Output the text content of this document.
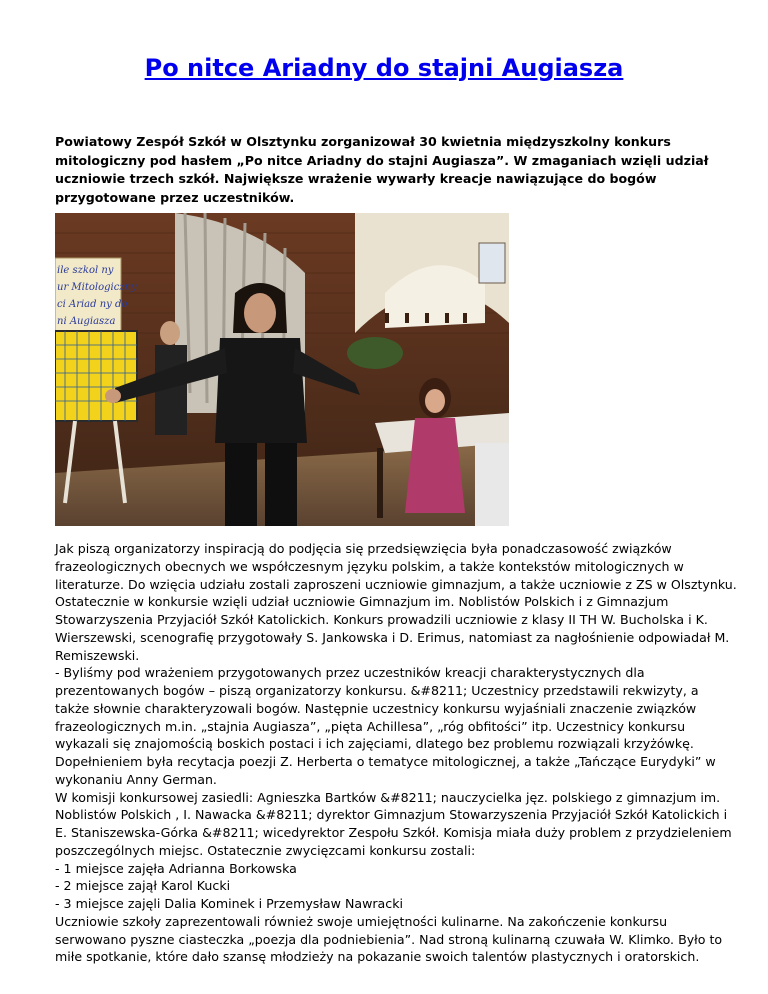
Po nitce Ariadny do stajni Augiasza
Powiatowy Zespół Szkół w Olsztynku zorganizował 30 kwietnia międzyszkolny konkurs
mitologiczny pod hasłem „Po nitce Ariadny do stajni Augiasza”. W zmaganiach wzięli udział
uczniowie trzech szkół. Największe wrażenie wywarły kreacje nawiązujące do bogów
przygotowane przez uczestników.
ile szkol ny
ur Mitologiczny
ci Ariad ny do
ni Augiasza
Jak piszą organizatorzy inspiracją do podjęcia się przedsięwzięcia była ponadczasowość związków
frazeologicznych obecnych we współczesnym języku polskim, a także kontekstów mitologicznych w
literaturze. Do wzięcia udziału zostali zaproszeni uczniowie gimnazjum, a także uczniowie z ZS w Olsztynku.
Ostatecznie w konkursie wzięli udział uczniowie Gimnazjum im. Noblistów Polskich i z Gimnazjum
Stowarzyszenia Przyjaciół Szkół Katolickich. Konkurs prowadzili uczniowie z klasy II TH W. Bucholska i K.
Wierszewski, scenografię przygotowały S. Jankowska i D. Erimus, natomiast za nagłośnienie odpowiadał M.
Remiszewski.
- Byliśmy pod wrażeniem przygotowanych przez uczestników kreacji charakterystycznych dla
prezentowanych bogów – piszą organizatorzy konkursu. &#8211; Uczestnicy przedstawili rekwizyty, a
także słownie charakteryzowali bogów. Następnie uczestnicy konkursu wyjaśniali znaczenie związków
frazeologicznych m.in. „stajnia Augiasza”, „pięta Achillesa”, „róg obfitości” itp. Uczestnicy konkursu
wykazali się znajomością boskich postaci i ich zajęciami, dlatego bez problemu rozwiązali krzyżówkę.
Dopełnieniem była recytacja poezji Z. Herberta o tematyce mitologicznej, a także „Tańczące Eurydyki” w
wykonaniu Anny German.
W komisji konkursowej zasiedli: Agnieszka Bartków &#8211; nauczycielka jęz. polskiego z gimnazjum im.
Noblistów Polskich , I. Nawacka &#8211; dyrektor Gimnazjum Stowarzyszenia Przyjaciół Szkół Katolickich i
E. Staniszewska-Górka &#8211; wicedyrektor Zespołu Szkół. Komisja miała duży problem z przydzieleniem
poszczególnych miejsc. Ostatecznie zwycięzcami konkursu zostali:
- 1 miejsce zajęła Adrianna Borkowska
- 2 miejsce zajął Karol Kucki
- 3 miejsce zajęli Dalia Kominek i Przemysław Nawracki
Uczniowie szkoły zaprezentowali również swoje umiejętności kulinarne. Na zakończenie konkursu
serwowano pyszne ciasteczka „poezja dla podniebienia”. Nad stroną kulinarną czuwała W. Klimko. Było to
miłe spotkanie, które dało szansę młodzieży na pokazanie swoich talentów plastycznych i oratorskich.
